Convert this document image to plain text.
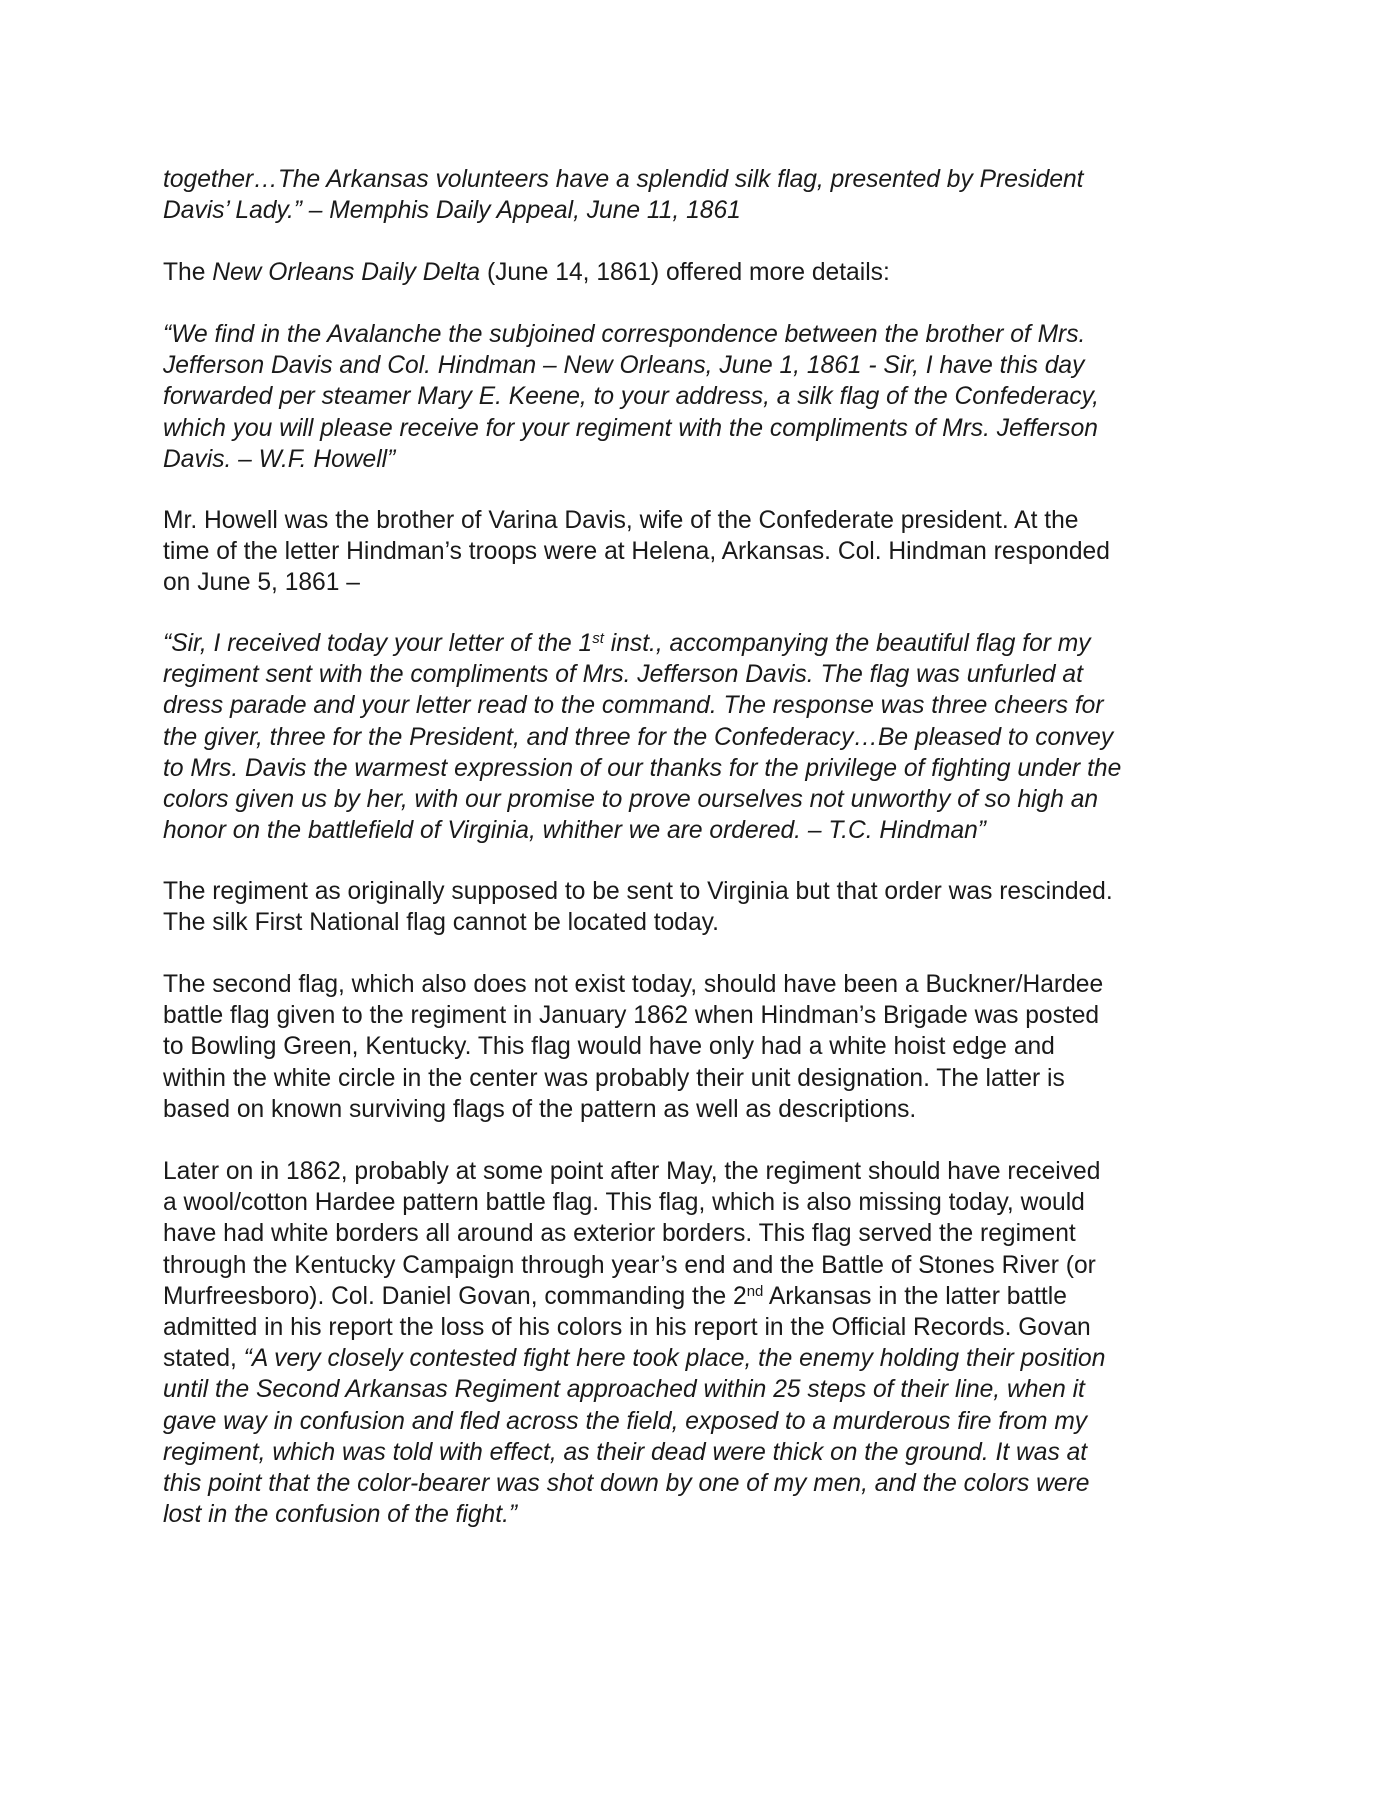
together…The Arkansas volunteers have a splendid silk flag, presented by President
Davis’ Lady.” – Memphis Daily Appeal, June 11, 1861
The New Orleans Daily Delta (June 14, 1861) offered more details:
“We find in the Avalanche the subjoined correspondence between the brother of Mrs.
Jefferson Davis and Col. Hindman – New Orleans, June 1, 1861 - Sir, I have this day
forwarded per steamer Mary E. Keene, to your address, a silk flag of the Confederacy,
which you will please receive for your regiment with the compliments of Mrs. Jefferson
Davis. – W.F. Howell”
Mr. Howell was the brother of Varina Davis, wife of the Confederate president. At the
time of the letter Hindman’s troops were at Helena, Arkansas. Col. Hindman responded
on June 5, 1861 –
“Sir, I received today your letter of the 1st inst., accompanying the beautiful flag for my
regiment sent with the compliments of Mrs. Jefferson Davis. The flag was unfurled at
dress parade and your letter read to the command. The response was three cheers for
the giver, three for the President, and three for the Confederacy…Be pleased to convey
to Mrs. Davis the warmest expression of our thanks for the privilege of fighting under the
colors given us by her, with our promise to prove ourselves not unworthy of so high an
honor on the battlefield of Virginia, whither we are ordered. – T.C. Hindman”
The regiment as originally supposed to be sent to Virginia but that order was rescinded.
The silk First National flag cannot be located today.
The second flag, which also does not exist today, should have been a Buckner/Hardee
battle flag given to the regiment in January 1862 when Hindman’s Brigade was posted
to Bowling Green, Kentucky. This flag would have only had a white hoist edge and
within the white circle in the center was probably their unit designation. The latter is
based on known surviving flags of the pattern as well as descriptions.
Later on in 1862, probably at some point after May, the regiment should have received
a wool/cotton Hardee pattern battle flag. This flag, which is also missing today, would
have had white borders all around as exterior borders. This flag served the regiment
through the Kentucky Campaign through year’s end and the Battle of Stones River (or
Murfreesboro). Col. Daniel Govan, commanding the 2nd Arkansas in the latter battle
admitted in his report the loss of his colors in his report in the Official Records. Govan
stated, “A very closely contested fight here took place, the enemy holding their position
until the Second Arkansas Regiment approached within 25 steps of their line, when it
gave way in confusion and fled across the field, exposed to a murderous fire from my
regiment, which was told with effect, as their dead were thick on the ground. It was at
this point that the color-bearer was shot down by one of my men, and the colors were
lost in the confusion of the fight.”
